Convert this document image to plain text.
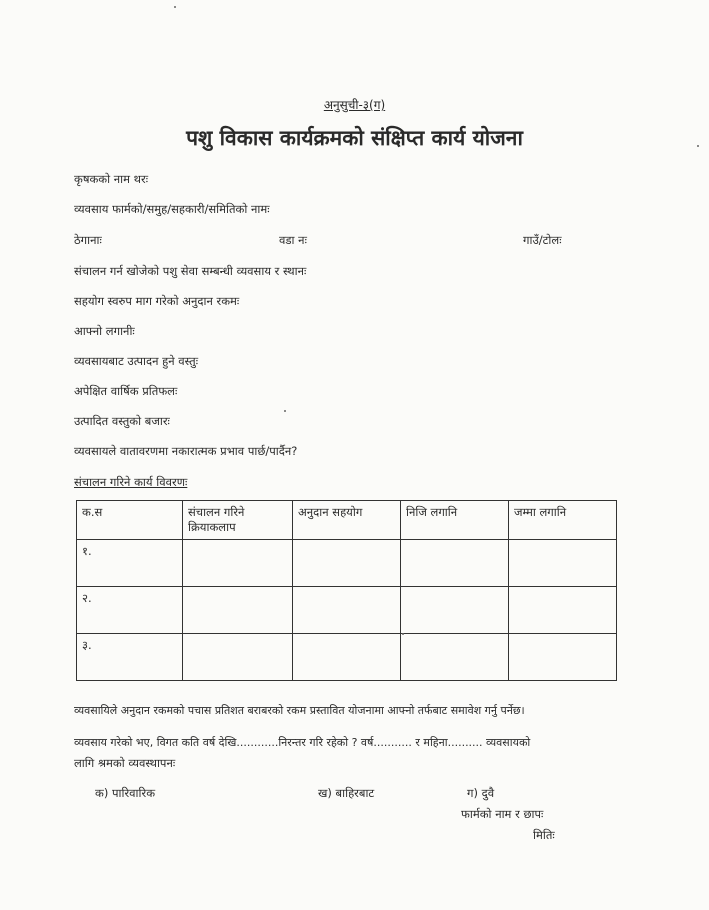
अनुसुची-३(ग)
पशु विकास कार्यक्रमको संक्षिप्त कार्य योजना
कृषकको नाम थरः
व्यवसाय फार्मको/समुह/सहकारी/समितिको नामः
ठेगानाः	वडा नः	गाउँ/टोलः
संचालन गर्न खोजेको पशु सेवा सम्बन्धी व्यवसाय र स्थानः
सहयोग स्वरुप माग गरेको अनुदान रकमः
आफ्नो लगानीः
व्यवसायबाट उत्पादन हुने वस्तुः
अपेक्षित वार्षिक प्रतिफलः
उत्पादित वस्तुको बजारः
व्यवसायले वातावरणमा नकारात्मक प्रभाव पार्छ/पार्दैन?
संचालन गरिने कार्य विवरणः
क.स	संचालन गरिने क्रियाकलाप	अनुदान सहयोग	निजि लगानि	जम्मा लगानि
१.				
२.				
३.				
व्यवसायिले अनुदान रकमको पचास प्रतिशत बराबरको रकम प्रस्तावित योजनामा आफ्नो तर्फबाट समावेश गर्नु पर्नेछ।
व्यवसाय गरेको भए, विगत कति वर्ष देखि............निरन्तर गरि रहेको ? वर्ष........... र महिना.......... व्यवसायको
लागि श्रमको व्यवस्थापनः
क) पारिवारिक	ख) बाहिरबाट	ग) दुवै
फार्मको नाम र छापः
मितिः
